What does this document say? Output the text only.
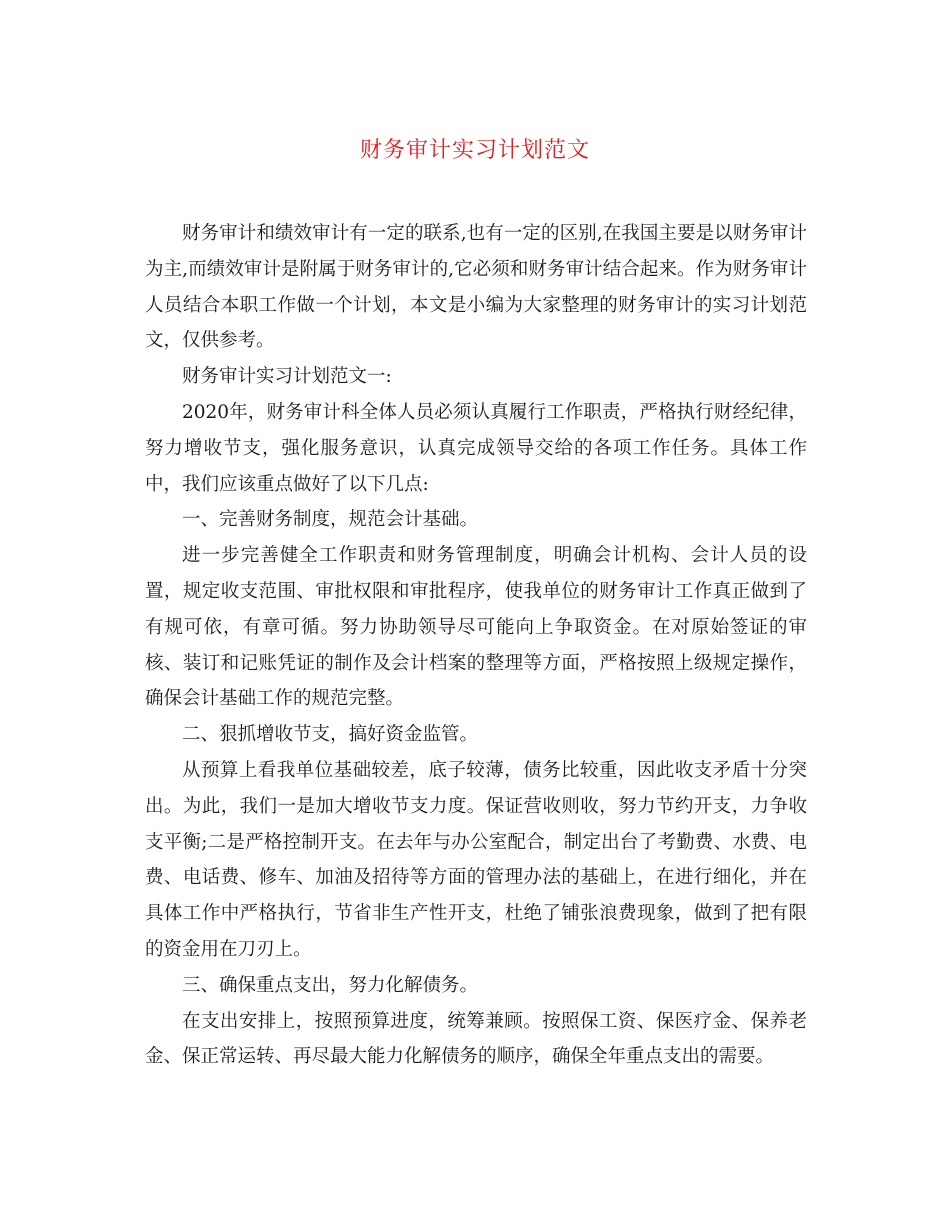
财务审计实习计划范文

财务审计和绩效审计有一定的联系,也有一定的区别,在我国主要是以财务审计为主,而绩效审计是附属于财务审计的,它必须和财务审计结合起来。作为财务审计人员结合本职工作做一个计划，本文是小编为大家整理的财务审计的实习计划范文，仅供参考。

财务审计实习计划范文一:

2020年，财务审计科全体人员必须认真履行工作职责，严格执行财经纪律，努力增收节支，强化服务意识，认真完成领导交给的各项工作任务。具体工作中，我们应该重点做好了以下几点:

一、完善财务制度，规范会计基础。

进一步完善健全工作职责和财务管理制度，明确会计机构、会计人员的设置，规定收支范围、审批权限和审批程序，使我单位的财务审计工作真正做到了有规可依，有章可循。努力协助领导尽可能向上争取资金。在对原始签证的审核、装订和记账凭证的制作及会计档案的整理等方面，严格按照上级规定操作，确保会计基础工作的规范完整。

二、狠抓增收节支，搞好资金监管。

从预算上看我单位基础较差，底子较薄，债务比较重，因此收支矛盾十分突出。为此，我们一是加大增收节支力度。保证营收则收，努力节约开支，力争收支平衡;二是严格控制开支。在去年与办公室配合，制定出台了考勤费、水费、电费、电话费、修车、加油及招待等方面的管理办法的基础上，在进行细化，并在具体工作中严格执行，节省非生产性开支，杜绝了铺张浪费现象，做到了把有限的资金用在刀刃上。

三、确保重点支出，努力化解债务。

在支出安排上，按照预算进度，统筹兼顾。按照保工资、保医疗金、保养老金、保正常运转、再尽最大能力化解债务的顺序，确保全年重点支出的需要。
